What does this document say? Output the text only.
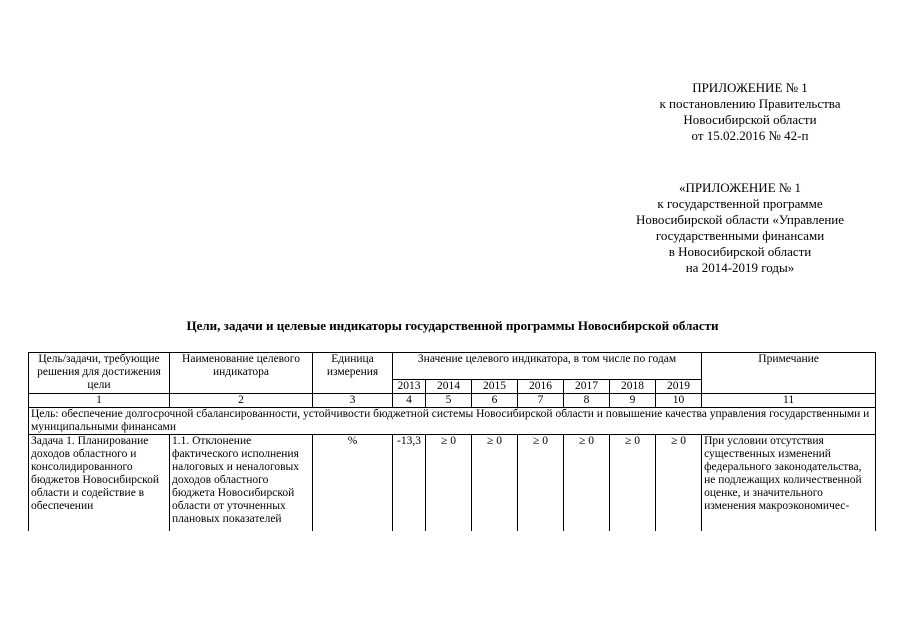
ПРИЛОЖЕНИЕ № 1
к постановлению Правительства
Новосибирской области
от 15.02.2016 № 42-п
«ПРИЛОЖЕНИЕ № 1
к государственной программе
Новосибирской области «Управление
государственными финансами
в Новосибирской области
на 2014-2019 годы»
Цели, задачи и целевые индикаторы государственной программы Новосибирской области
Цель/задачи, требующие решения для достижения цели	Наименование целевого индикатора	Единица измерения	Значение целевого индикатора, в том числе по годам							Примечание
			2013	2014	2015	2016	2017	2018	2019	
1	2	3	4	5	6	7	8	9	10	11
Цель: обеспечение долгосрочной сбалансированности, устойчивости бюджетной системы Новосибирской области и повышение качества управления государственными и муниципальными финансами										
Задача 1. Планирование доходов областного и консолидированного бюджетов Новосибирской области и содействие в обеспечении	1.1. Отклонение фактического исполнения налоговых и неналоговых доходов областного бюджета Новосибирской области от уточненных плановых показателей	%	-13,3	≥ 0	≥ 0	≥ 0	≥ 0	≥ 0	≥ 0	При условии отсутствия существенных изменений федерального законодательства, не подлежащих количественной оценке, и значительного изменения макроэкономичес-
